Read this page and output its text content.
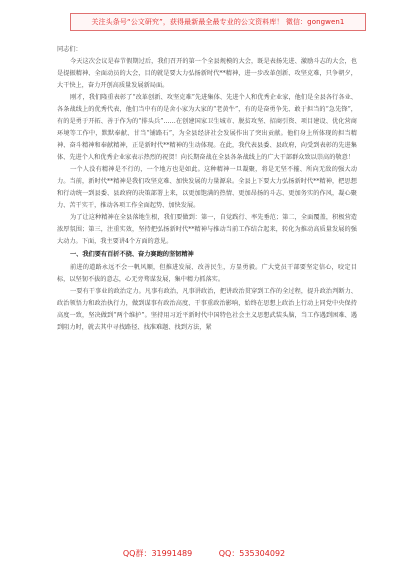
关注头条号“公文研究”，获得最新最全最专业的公文资料库！ 微信：gongwen1

同志们：

今天这次会议是春节假期过后，我们召开的第一个全县规模的大会，既是表扬先进、激励斗志的大会，也是提振精神、全面动员的大会，目的就是要大力弘扬新时代**精神，进一步改革创新、攻坚克难，只争朝夕，大干快上，奋力开创高质量发展新局面。

刚才，我们隆重表彰了“改革创新、攻坚克难”先进集体、先进个人和优秀企业家，他们是全县各行各业、各条战线上的优秀代表，他们当中有的是舍小家为大家的“老黄牛”，有的是奋勇争先、敢于担当的“急先锋”，有的是勇于开拓、善于作为的“排头兵”……在创建国家卫生城市、脱贫攻坚、招商引资、项目建设、优化营商环境等工作中，默默奉献、甘当“铺路石”，为全县经济社会发展作出了突出贡献。他们身上所体现的担当精神、奋斗精神和奉献精神，正是新时代**精神的生动体现。在此，我代表县委、县政府，向受到表彰的先进集体、先进个人和优秀企业家表示热烈的祝贺！向长期奋战在全县各条战线上的广大干部群众致以崇高的敬意！

一个人没有精神是不行的，一个地方也是如此。这种精神一旦凝聚，将是无坚不摧、所向无敌的强大动力。当前，新时代**精神是我们攻坚克难、加快发展的力量源泉。全县上下要大力弘扬新时代**精神，把思想和行动统一到县委、县政府的决策部署上来，以更加饱满的热情、更加昂扬的斗志、更加务实的作风，凝心聚力、苦干实干，推动各项工作全面起势、加快发展。

为了让这种精神在全县落地生根，我们要做到：第一，自觉践行、率先垂范；第二，全面覆盖，积极营造浓厚氛围；第三，注重实效，坚持把弘扬新时代**精神与推动当前工作结合起来，转化为推动高质量发展的强大动力。下面，我主要讲4个方面的意见。

一、我们要有百折不挠、奋力赛跑的坚韧精神

前进的道路永远不会一帆风顺，但推进发展、改善民生，方显勇毅。广大党员干部要坚定信心，咬定目标，以坚韧不拔的意志，心无旁骛谋发展，集中精力抓落实。

一要有干事业的政治定力。凡事有政治，凡事讲政治，把讲政治贯穿到工作的全过程，提升政治判断力、政治领悟力和政治执行力，做到谋事有政治高度、干事重政治影响，始终在思想上政治上行动上同党中央保持高度一致，坚决做到“两个维护”。坚持用习近平新时代中国特色社会主义思想武装头脑，当工作遇到困难、遇到阻力时，就去其中寻找路径、找准难题、找到方法，紧

QQ群：31991489	QQ：535304092
